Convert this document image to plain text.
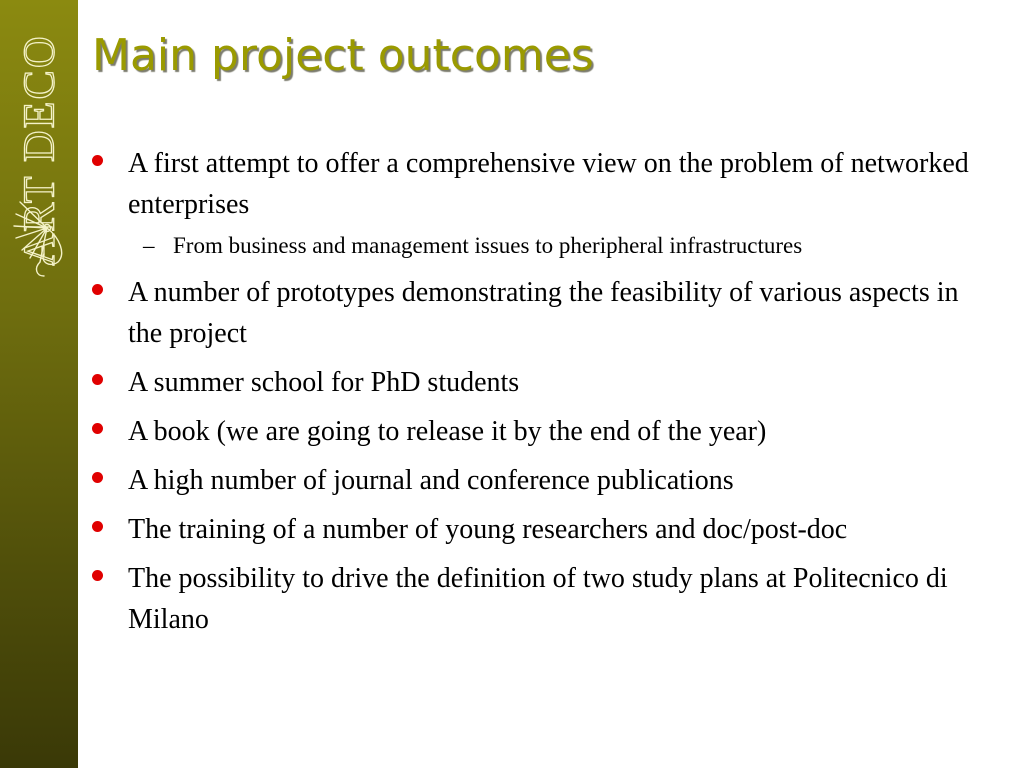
ART DECO Main project outcomes
A first attempt to offer a comprehensive view on the problem of networked enterprises
– From business and management issues to pheripheral infrastructures
A number of prototypes demonstrating the feasibility of various aspects in the project
A summer school for PhD students
A book (we are going to release it by the end of the year)
A high number of journal and conference publications
The training of a number of young researchers and doc/post-doc
The possibility to drive the definition of two study plans at Politecnico di Milano
